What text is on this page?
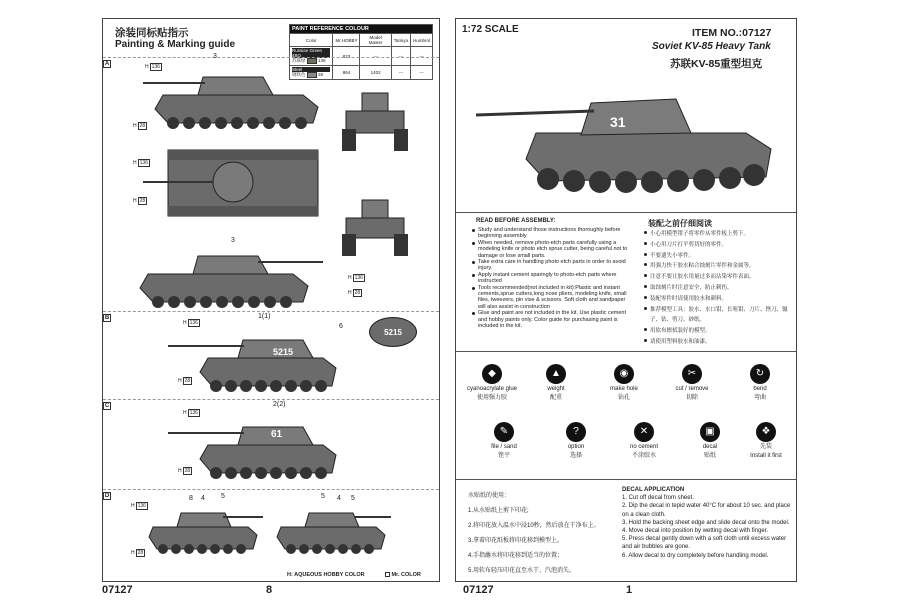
涂装同标贴指示
Painting & Marking guide
PAINT REFERENCE COLOUR				
Color	Mr.HOBBY	Model Master	Tamiya	Humbrol

Russian Green 4BO
苏联绿 136	823	---	---	---

Steel
钢铁色 28	864	1402	---	---
A	H 136
3
H 28
H 136
H 28
3
H 136
H 28
B	1(1)
6
H 136
5215
5215
H 28
C	2(2)
H 136
61
H 28
D	8 4 5	5 4 5
H 136
H 28
H: AQUEOUS HOBBY COLOR	Mr. COLOR
07127	8
1:72 SCALE	ITEM NO.:07127
Soviet KV-85 Heavy Tank
苏联KV-85重型坦克
31
READ BEFORE ASSEMBLY:
Study and understand those instructions thoroughly before beginning assembly
When needed, remove photo-etch parts carefully using a modeling knife or photo etch sprue cutter, being careful not to damage or lose small parts.
Take extra care in handling photo etch parts in order to avoid injury.
Apply instant cement sparingly to photo-etch parts where instructed
Tools recommended(not included in kit):Plastic and instant cements,sprue cutters,long nose pliers, modeling knife, small files, tweezers, pin vise & scissors. Soft cloth and sandpaper will also assist in construction
Glue and paint are not included in the kit. Use plastic cement and hobby paints only. Color guide for purchasing paint is included in the kit.
装配之前仔细阅读
小心用模型钳子将零件从零件板上剪下。
小心用刀片打平剪切好的零件。
不要遗失小零件。
用强力快干胶水粘合蚀刻片零件和金属等。
注意不要让胶水用量过多而沾染零件表面。
取蚀刻片时注意安全，防止刺伤。
装配零件时请使用胶水和颜料。
推荐模型工具：胶水、水口钳、长咀钳、刀片、锉刀、镊子、钻、剪刀、砂纸。
用软布擦拭装好的模型。
请使用塑料胶水和油漆。
◆
cyanoacrylate glue
使用强力胶
▲
weight
配重
◉
make hole
钻孔
✂
cut / remove
切除
↻
bend
弯曲
✎
file / sand
锉平
?
option
选择
✕
no cement
不涂胶水
▣
decal
贴纸
❖
先装
Install it first
水贴纸的使用：
1.从水贴纸上剪下印花;
2.将印花放入温水中浸10秒，然后放在干净布上。
3.拿着印花纸板将印花移到模型上。
4.手指蘸水将印花移到适当的位置；
5.用软布轻压印花直至水干、汽泡消失。
DECAL APPLICATION
1. Cut off decal from sheet.
2. Dip the decal in tepid water 40°C for about 10 sec. and place on a clean cloth.
3. Hold the backing sheet edge and slide decal onto the model.
4. Move decal into position by wetting decal with finger.
5. Press decal gently down with a soft cloth until excess water and air bubbles are gone.
6. Allow decal to dry completely before handling model.
07127	1
